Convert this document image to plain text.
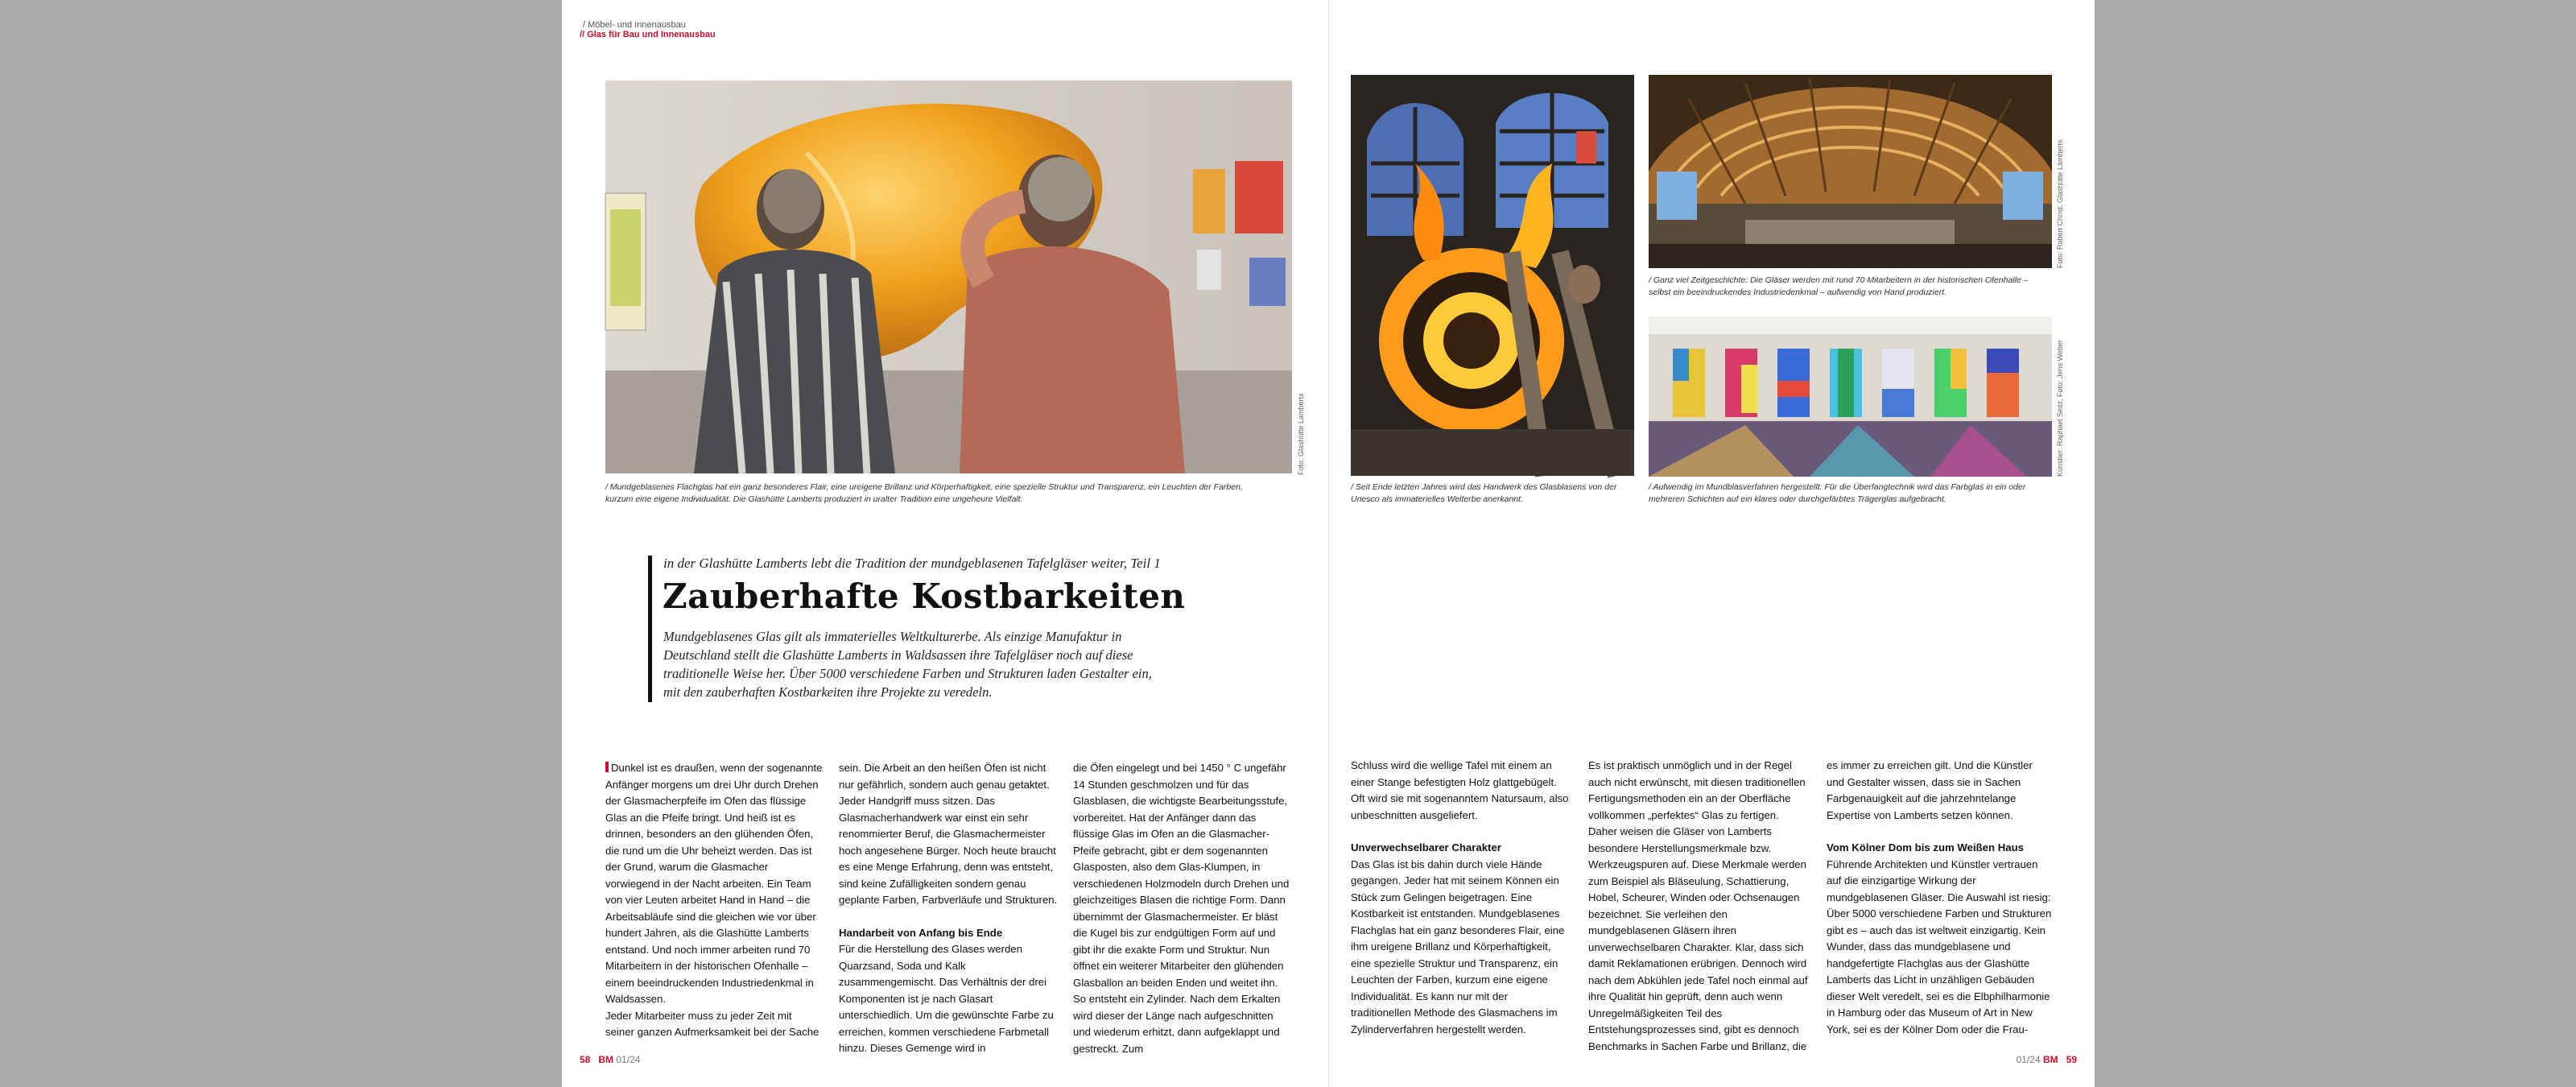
/ Möbel- und Innenausbau
// Glas für Bau und Innenausbau
Foto: Glashütte Lamberts
/ Mundgeblasenes Flachglas hat ein ganz besonderes Flair, eine ureigene Brillanz und Körperhaftigkeit, eine spezielle Struktur und Transparenz, ein Leuchten der Farben, kurzum eine eigene Individualität. Die Glashütte Lamberts produziert in uralter Tradition eine ungeheure Vielfalt.
in der Glashütte Lamberts lebt die Tradition der mundgeblasenen Tafelgläser weiter, Teil 1
Zauberhafte Kostbarkeiten
Mundgeblasenes Glas gilt als immaterielles Weltkulturerbe. Als einzige Manufaktur in Deutschland stellt die Glashütte Lamberts in Waldsassen ihre Tafelgläser noch auf diese traditionelle Weise her. Über 5000 verschiedene Farben und Strukturen laden Gestalter ein, mit den zauberhaften Kostbarkeiten ihre Projekte zu veredeln.

Dunkel ist es draußen, wenn der sogenannte Anfänger morgens um drei Uhr durch Drehen der Glasmacherpfeife im Ofen das flüssige Glas an die Pfeife bringt. Und heiß ist es drinnen, besonders an den glühenden Öfen, die rund um die Uhr beheizt werden. Das ist der Grund, warum die Glasmacher vorwiegend in der Nacht arbeiten. Ein Team von vier Leuten arbeitet Hand in Hand – die Arbeitsabläufe sind die gleichen wie vor über hundert Jahren, als die Glashütte Lamberts entstand. Und noch immer arbeiten rund 70 Mitarbeitern in der historischen Ofenhalle – einem beeindruckenden Industriedenkmal in Waldsassen.

Jeder Mitarbeiter muss zu jeder Zeit mit seiner ganzen Aufmerksamkeit bei der Sache

sein. Die Arbeit an den heißen Öfen ist nicht nur gefährlich, sondern auch genau getaktet. Jeder Handgriff muss sitzen. Das Glasmacherhandwerk war einst ein sehr renommierter Beruf, die Glasmachermeister hoch angesehene Bürger. Noch heute braucht es eine Menge Erfahrung, denn was entsteht, sind keine Zufälligkeiten sondern genau geplante Farben, Farbverläufe und Strukturen.

Handarbeit von Anfang bis Ende

Für die Herstellung des Glases werden Quarzsand, Soda und Kalk zusammengemischt. Das Verhältnis der drei Komponenten ist je nach Glasart unterschiedlich. Um die gewünschte Farbe zu erreichen, kommen verschiedene Farbmetall hinzu. Dieses Gemenge wird in

die Öfen eingelegt und bei 1450 ° C ungefähr 14 Stunden geschmolzen und für das Glasblasen, die wichtigste Bearbeitungsstufe, vorbereitet. Hat der Anfänger dann das flüssige Glas im Ofen an die Glasmacher-Pfeife gebracht, gibt er dem sogenannten Glasposten, also dem Glas-Klumpen, in verschiedenen Holzmodeln durch Drehen und gleichzeitiges Blasen die richtige Form. Dann übernimmt der Glasmachermeister. Er bläst die Kugel bis zur endgültigen Form auf und gibt ihr die exakte Form und Struktur. Nun öffnet ein weiterer Mitarbeiter den glühenden Glasballon an beiden Enden und weitet ihn. So entsteht ein Zylinder. Nach dem Erkalten wird dieser der Länge nach aufgeschnitten und wiederum erhitzt, dann aufgeklappt und gestreckt. Zum

58 BM 01/24
/ Seit Ende letzten Jahres wird das Handwerk des Glasblasens von der Unesco als immaterielles Welterbe anerkannt.
Foto: Robert Christ, Glashütte Lamberts
/ Ganz viel Zeitgeschichte: Die Gläser werden mit rund 70 Mitarbeitern in der historischen Ofenhalle – selbst ein beeindruckendes Industriedenkmal – aufwendig von Hand produziert.
Künstler: Raphael Seitz, Foto: Jens Weber
/ Aufwendig im Mundblasverfahren hergestellt: Für die Überfangtechnik wird das Farbglas in ein oder mehreren Schichten auf ein klares oder durchgefärbtes Trägerglas aufgebracht.

Schluss wird die wellige Tafel mit einem an einer Stange befestigten Holz glattgebügelt. Oft wird sie mit sogenanntem Natursaum, also unbeschnitten ausgeliefert.

Unverwechselbarer Charakter

Das Glas ist bis dahin durch viele Hände gegangen. Jeder hat mit seinem Können ein Stück zum Gelingen beigetragen. Eine Kostbarkeit ist entstanden. Mundgeblasenes Flachglas hat ein ganz besonderes Flair, eine ihm ureigene Brillanz und Körperhaftigkeit, eine spezielle Struktur und Transparenz, ein Leuchten der Farben, kurzum eine eigene Individualität. Es kann nur mit der traditionellen Methode des Glasmachens im Zylinderverfahren hergestellt werden.

Es ist praktisch unmöglich und in der Regel auch nicht erwünscht, mit diesen traditionellen Fertigungsmethoden ein an der Oberfläche vollkommen „perfektes“ Glas zu fertigen. Daher weisen die Gläser von Lamberts besondere Herstellungsmerkmale bzw. Werkzeugspuren auf. Diese Merkmale werden zum Beispiel als Bläseulung, Schattierung, Hobel, Scheurer, Winden oder Ochsenaugen bezeichnet. Sie verleihen den mundgeblasenen Gläsern ihren unverwechselbaren Charakter. Klar, dass sich damit Reklamationen erübrigen. Dennoch wird nach dem Abkühlen jede Tafel noch einmal auf ihre Qualität hin geprüft, denn auch wenn Unregelmäßigkeiten Teil des Entstehungsprozesses sind, gibt es dennoch Benchmarks in Sachen Farbe und Brillanz, die

es immer zu erreichen gilt. Und die Künstler und Gestalter wissen, dass sie in Sachen Farbgenauigkeit auf die jahrzehntelange Expertise von Lamberts setzen können.

Vom Kölner Dom bis zum Weißen Haus

Führende Architekten und Künstler vertrauen auf die einzigartige Wirkung der mundgeblasenen Gläser. Die Auswahl ist riesig: Über 5000 verschiedene Farben und Strukturen gibt es – auch das ist weltweit einzigartig. Kein Wunder, dass das mundgeblasene und handgefertigte Flachglas aus der Glashütte Lamberts das Licht in unzähligen Gebäuden dieser Welt veredelt, sei es die Elbphilharmonie in Hamburg oder das Museum of Art in New York, sei es der Kölner Dom oder die Frau-

01/24 BM 59
